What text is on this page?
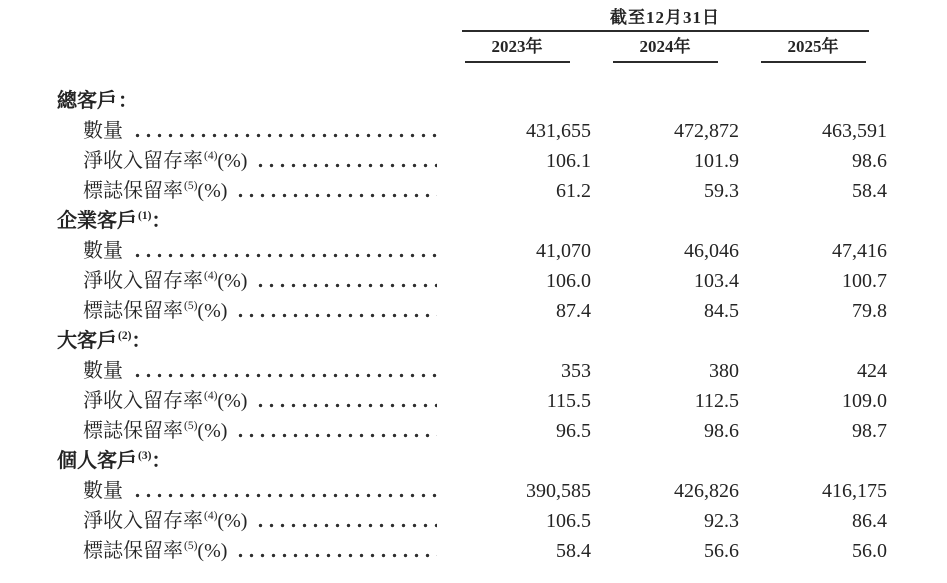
截至12月31日
2023年	2024年	2025年
總客戶：
數量	431,655	472,872	463,591
淨收入留存率$^{(4)}$(%)	106.1	101.9	98.6
標誌保留率$^{(5)}$(%)	61.2	59.3	58.4
企業客戶$^{(1)}$：
數量	41,070	46,046	47,416
淨收入留存率$^{(4)}$(%)	106.0	103.4	100.7
標誌保留率$^{(5)}$(%)	87.4	84.5	79.8
大客戶$^{(2)}$：
數量	353	380	424
淨收入留存率$^{(4)}$(%)	115.5	112.5	109.0
標誌保留率$^{(5)}$(%)	96.5	98.6	98.7
個人客戶$^{(3)}$：
數量	390,585	426,826	416,175
淨收入留存率$^{(4)}$(%)	106.5	92.3	86.4
標誌保留率$^{(5)}$(%)	58.4	56.6	56.0
